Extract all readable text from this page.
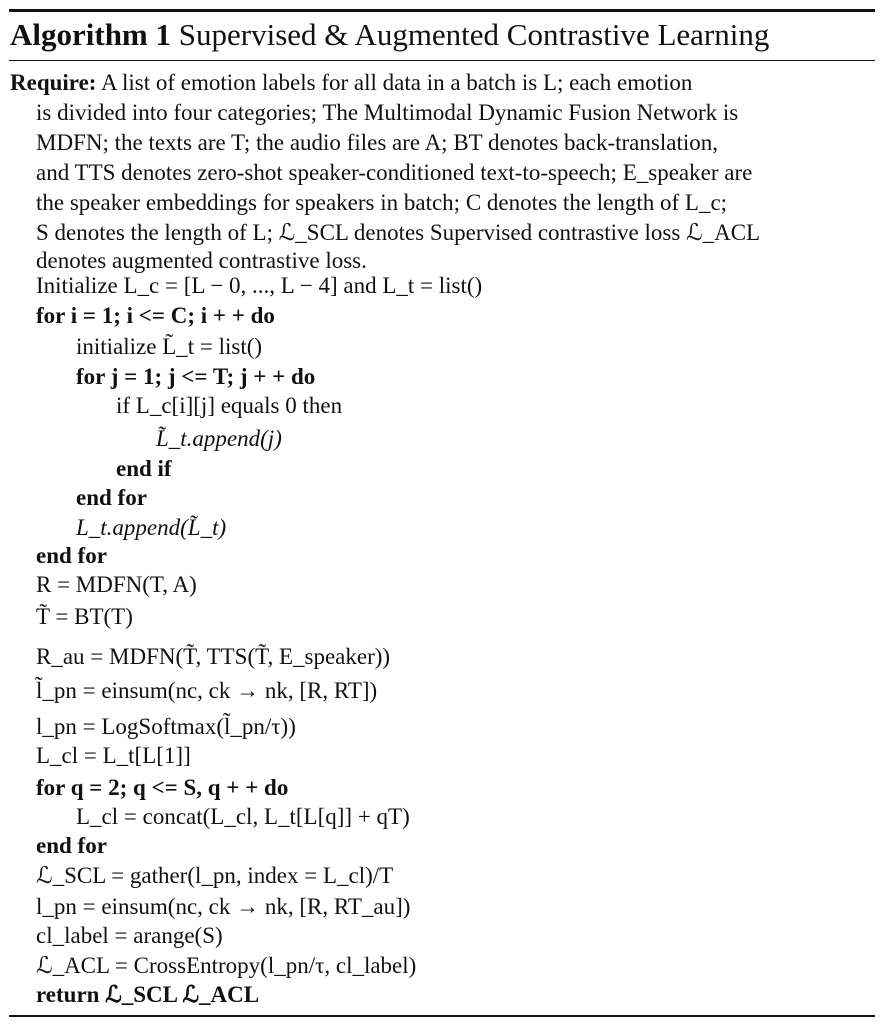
Algorithm 1 Supervised & Augmented Contrastive Learning
Require: A list of emotion labels for all data in a batch is L; each emotion
is divided into four categories; The Multimodal Dynamic Fusion Network is
MDFN; the texts are T; the audio files are A; BT denotes back-translation,
and TTS denotes zero-shot speaker-conditioned text-to-speech; E_speaker are
the speaker embeddings for speakers in batch; C denotes the length of L_c;
S denotes the length of L; ℒ_SCL denotes Supervised contrastive loss ℒ_ACL
denotes augmented contrastive loss.
Initialize L_c = [L − 0, ..., L − 4] and L_t = list()
for i = 1; i <= C; i + + do
initialize L̃_t = list()
for j = 1; j <= T; j + + do
if L_c[i][j] equals 0 then
L̃_t.append(j)
end if
end for
L_t.append(L̃_t)
end for
R = MDFN(T, A)
T̃ = BT(T)
R_au = MDFN(T̃, TTS(T̃, E_speaker))
l̃_pn = einsum(nc, ck → nk, [R, RT])
l_pn = LogSoftmax(l̃_pn/τ))
L_cl = L_t[L[1]]
for q = 2; q <= S, q + + do
L_cl = concat(L_cl, L_t[L[q]] + qT)
end for
ℒ_SCL = gather(l_pn, index = L_cl)/T
l_pn = einsum(nc, ck → nk, [R, RT_au])
cl_label = arange(S)
ℒ_ACL = CrossEntropy(l_pn/τ, cl_label)
return ℒ_SCL ℒ_ACL
